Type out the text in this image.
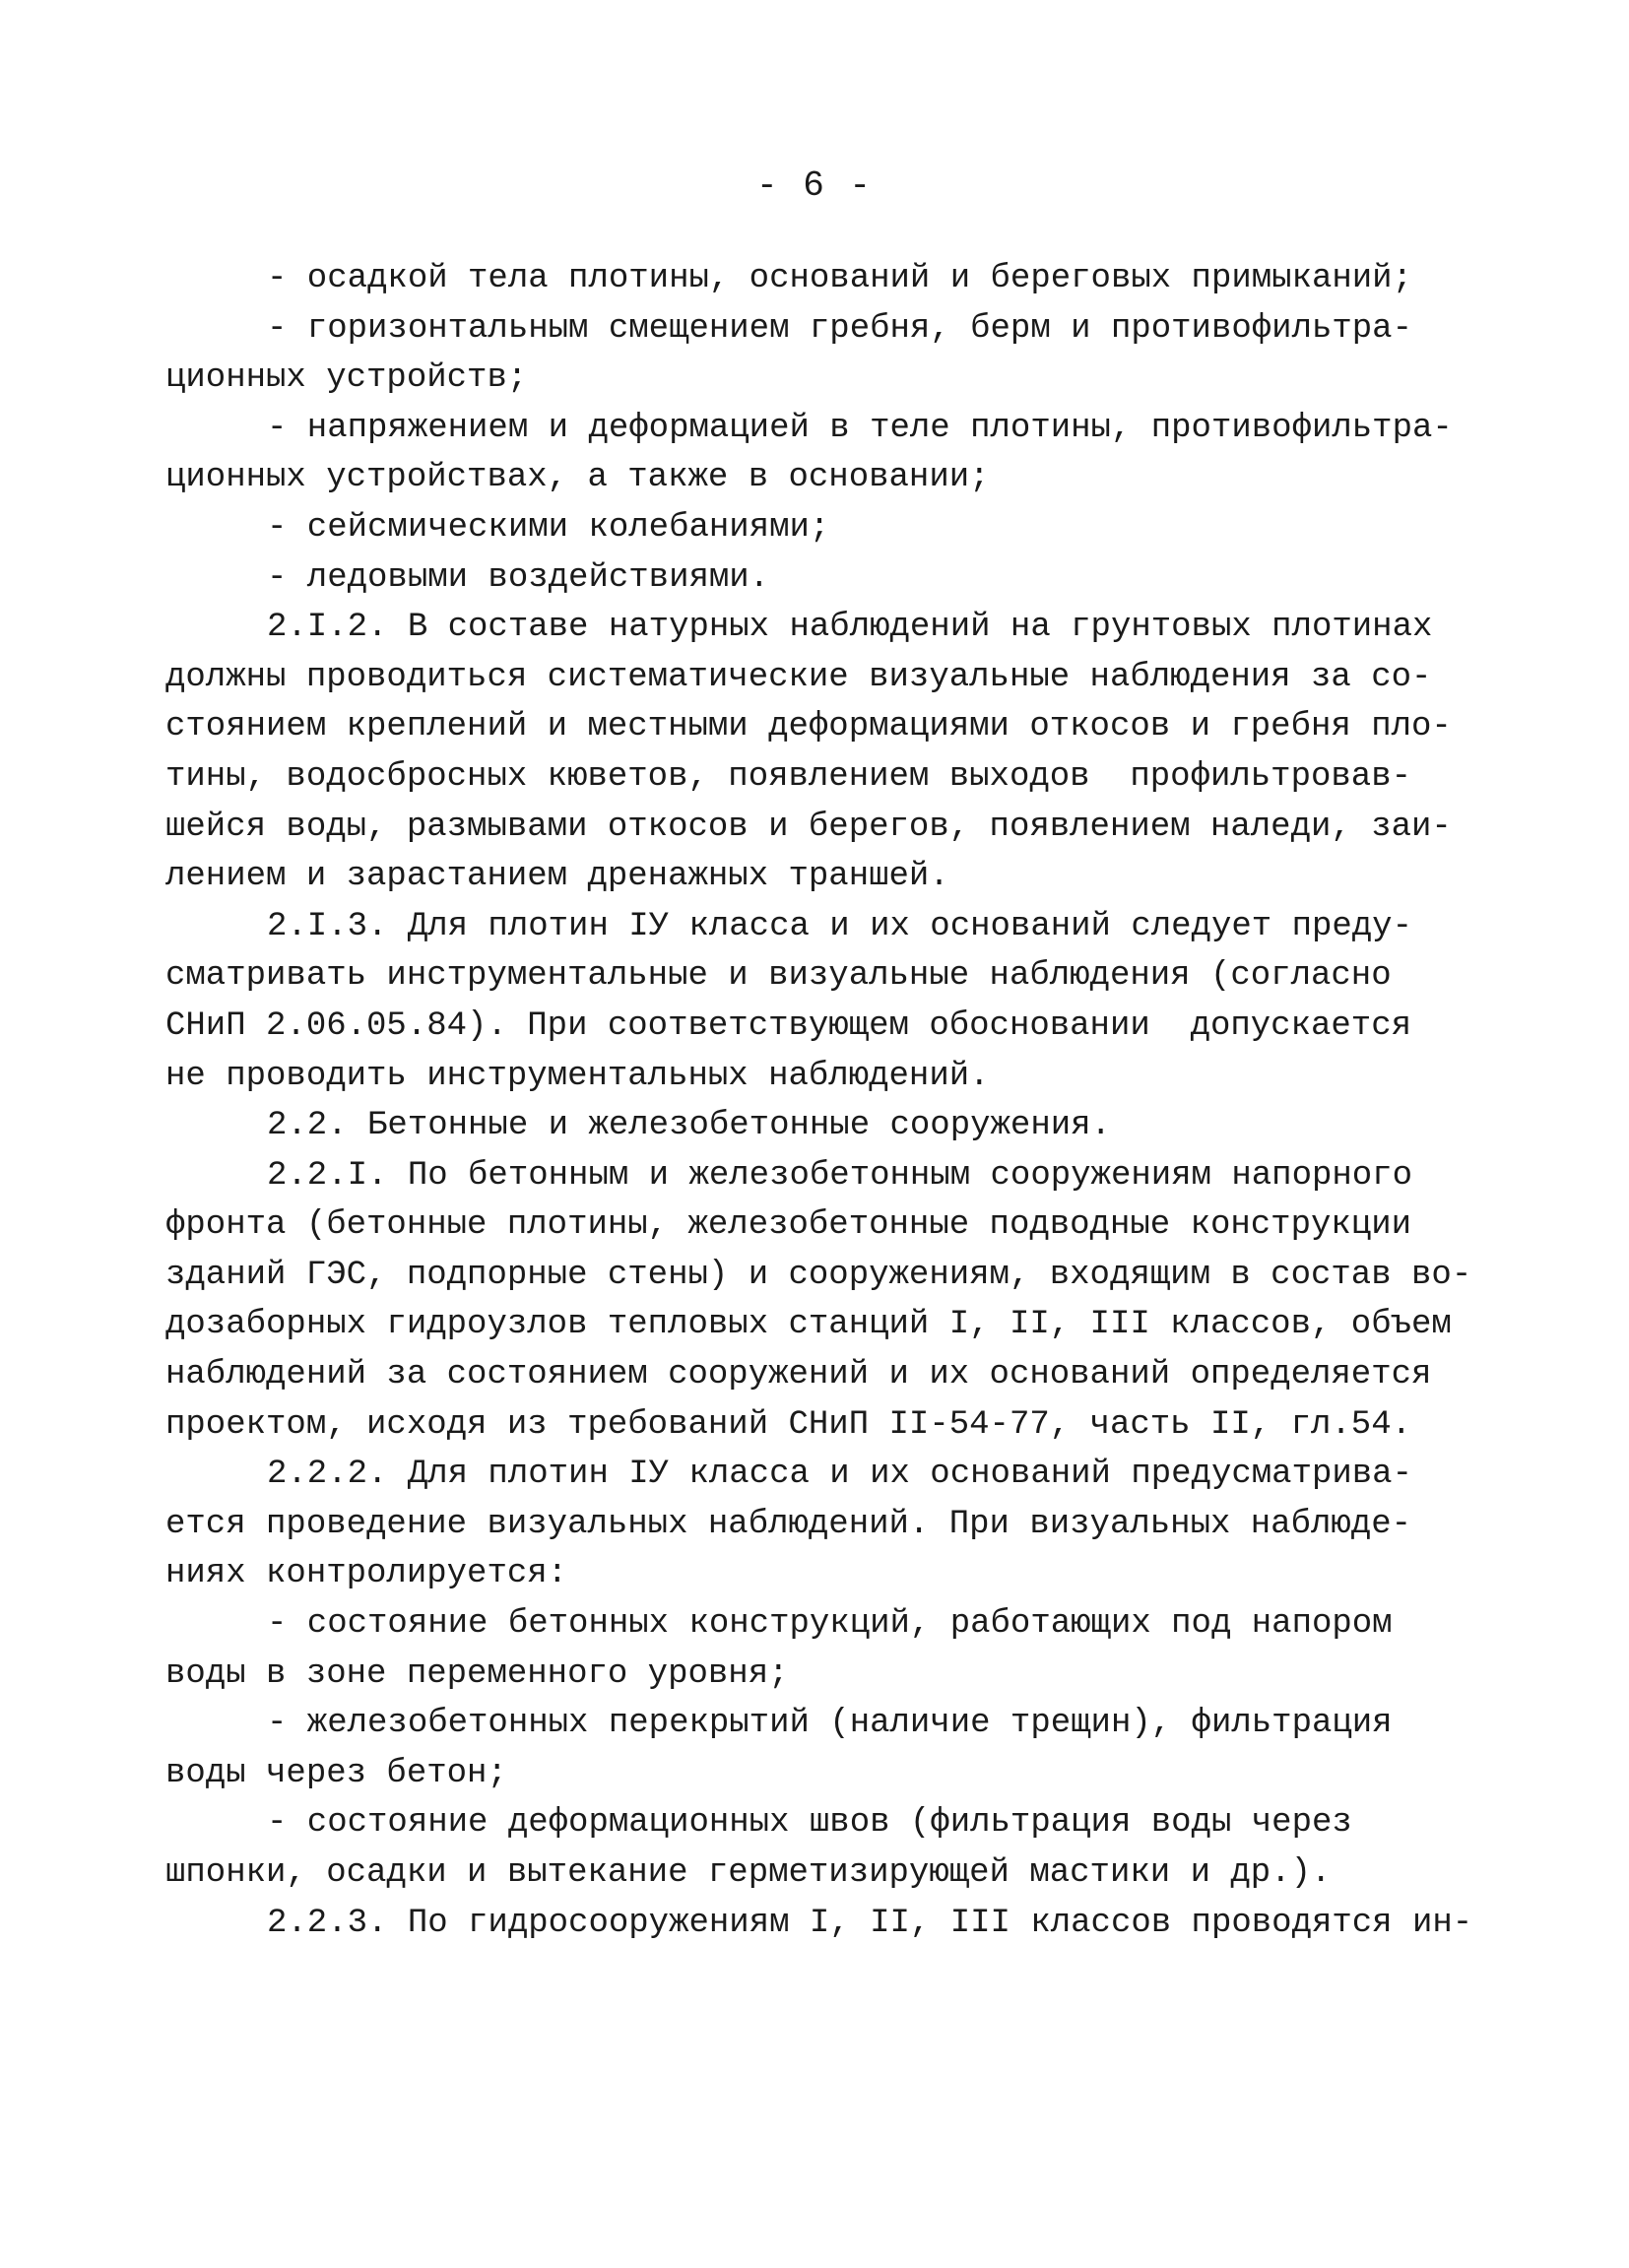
- 6 -
- осадкой тела плотины, оснований и береговых примыканий;
- горизонтальным смещением гребня, берм и противофильтра-
ционных устройств;
- напряжением и деформацией в теле плотины, противофильтра-
ционных устройствах, а также в основании;
- сейсмическими колебаниями;
- ледовыми воздействиями.
2.I.2. В составе натурных наблюдений на грунтовых плотинах
должны проводиться систематические визуальные наблюдения за со-
стоянием креплений и местными деформациями откосов и гребня пло-
тины, водосбросных кюветов, появлением выходов  профильтровав-
шейся воды, размывами откосов и берегов, появлением наледи, заи-
лением и зарастанием дренажных траншей.
2.I.3. Для плотин IУ класса и их оснований следует преду-
сматривать инструментальные и визуальные наблюдения (согласно
СНиП 2.06.05.84). При соответствующем обосновании  допускается
не проводить инструментальных наблюдений.
2.2. Бетонные и железобетонные сооружения.
2.2.I. По бетонным и железобетонным сооружениям напорного
фронта (бетонные плотины, железобетонные подводные конструкции
зданий ГЭС, подпорные стены) и сооружениям, входящим в состав во-
дозаборных гидроузлов тепловых станций I, II, III классов, объем
наблюдений за состоянием сооружений и их оснований определяется
проектом, исходя из требований СНиП II-54-77, часть II, гл.54.
2.2.2. Для плотин IУ класса и их оснований предусматрива-
ется проведение визуальных наблюдений. При визуальных наблюде-
ниях контролируется:
- состояние бетонных конструкций, работающих под напором
воды в зоне переменного уровня;
- железобетонных перекрытий (наличие трещин), фильтрация
воды через бетон;
- состояние деформационных швов (фильтрация воды через
шпонки, осадки и вытекание герметизирующей мастики и др.).
2.2.3. По гидросооружениям I, II, III классов проводятся ин-
